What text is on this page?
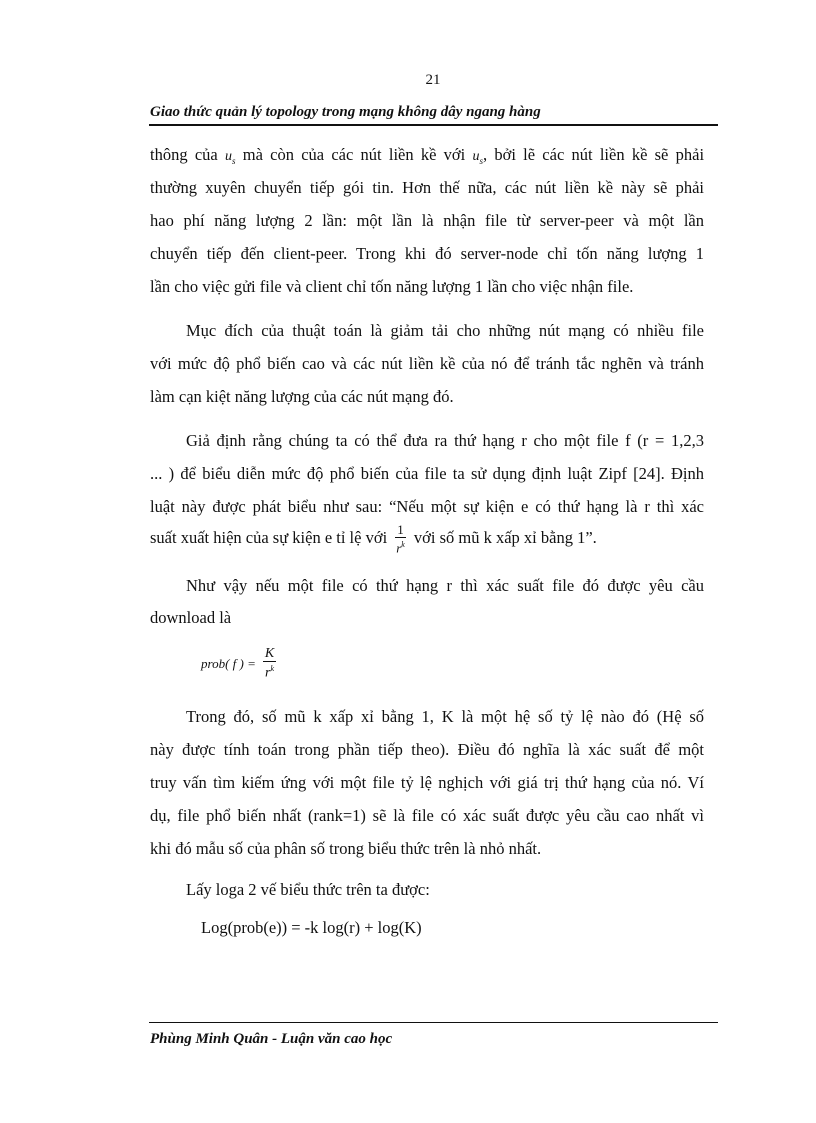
21
Giao thức quản lý topology trong mạng không dây ngang hàng
thông của $u_s$ mà còn của các nút liền kề với $u_s$, bởi lẽ các nút liền kề sẽ phải
thường xuyên chuyển tiếp gói tin. Hơn thế nữa, các nút liền kề này sẽ phải
hao phí năng lượng 2 lần: một lần là nhận file từ server-peer và một lần
chuyển tiếp đến client-peer. Trong khi đó server-node chỉ tốn năng lượng 1
lần cho việc gửi file và client chỉ tốn năng lượng 1 lần cho việc nhận file.
Mục đích của thuật toán là giảm tải cho những nút mạng có nhiều file
với mức độ phổ biến cao và các nút liền kề của nó để tránh tắc nghẽn và tránh
làm cạn kiệt năng lượng của các nút mạng đó.
Giả định rằng chúng ta có thể đưa ra thứ hạng r cho một file f (r = 1,2,3
... ) để biểu diễn mức độ phổ biến của file ta sử dụng định luật Zipf [24]. Định
luật này được phát biểu như sau: “Nếu một sự kiện e có thứ hạng là r thì xác
suất xuất hiện của sự kiện e tỉ lệ với $\frac{1}{r^k}$ với số mũ k xấp xỉ bằng 1”.
Như vậy nếu một file có thứ hạng r thì xác suất file đó được yêu cầu
download là
prob( f ) = $\frac{K}{r^k}$
Trong đó, số mũ k xấp xỉ bằng 1, K là một hệ số tỷ lệ nào đó (Hệ số
này được tính toán trong phần tiếp theo). Điều đó nghĩa là xác suất để một
truy vấn tìm kiếm ứng với một file tỷ lệ nghịch với giá trị thứ hạng của nó. Ví
dụ, file phổ biến nhất (rank=1) sẽ là file có xác suất được yêu cầu cao nhất vì
khi đó mẫu số của phân số trong biểu thức trên là nhỏ nhất.
Lấy loga 2 vế biểu thức trên ta được:
Log(prob(e)) = -k log(r) + log(K)
Phùng Minh Quân - Luận văn cao học
